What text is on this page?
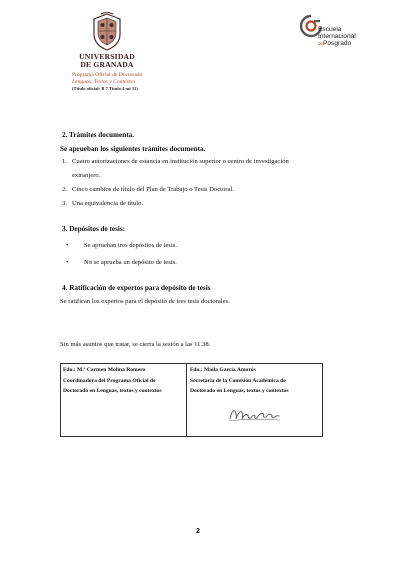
UNIVERSIDAD
DE GRANADA
Programa Oficial de Doctorado
Lenguas, Textos y Contextos
(Título oficial: B 7 Título 4 mi 31)
Escuela
Internacional
dePosgrado
2. Trámites documenta.
Se aprueban los siguientes trámites documenta.
1. Cuatro autorizaciones de estancia en institución superior o centro de investigación
extranjero.
2. Cinco cambios de título del Plan de Trabajo o Tesis Doctoral.
3. Una equivalencia de título.
3. Depósitos de tesis:
• Se aprueban tres depósitos de tesis.
• No se aprueba un depósito de tesis.
4. Ratificación de expertos para depósito de tesis
Se ratifican los expertos para el depósito de tres tesis doctorales.
Sin más asuntos que tratar, se cierra la sesión a las 11.38.
Fdo.: M.ª Carmen Molina Romero
Coordinadora del Programa Oficial de
Doctorado en Lenguas, textos y contextos
Fdo.: Maila García Amorós
Secretaria de la Comisión Académica de
Doctorado en Lenguas, textos y contextos
2
